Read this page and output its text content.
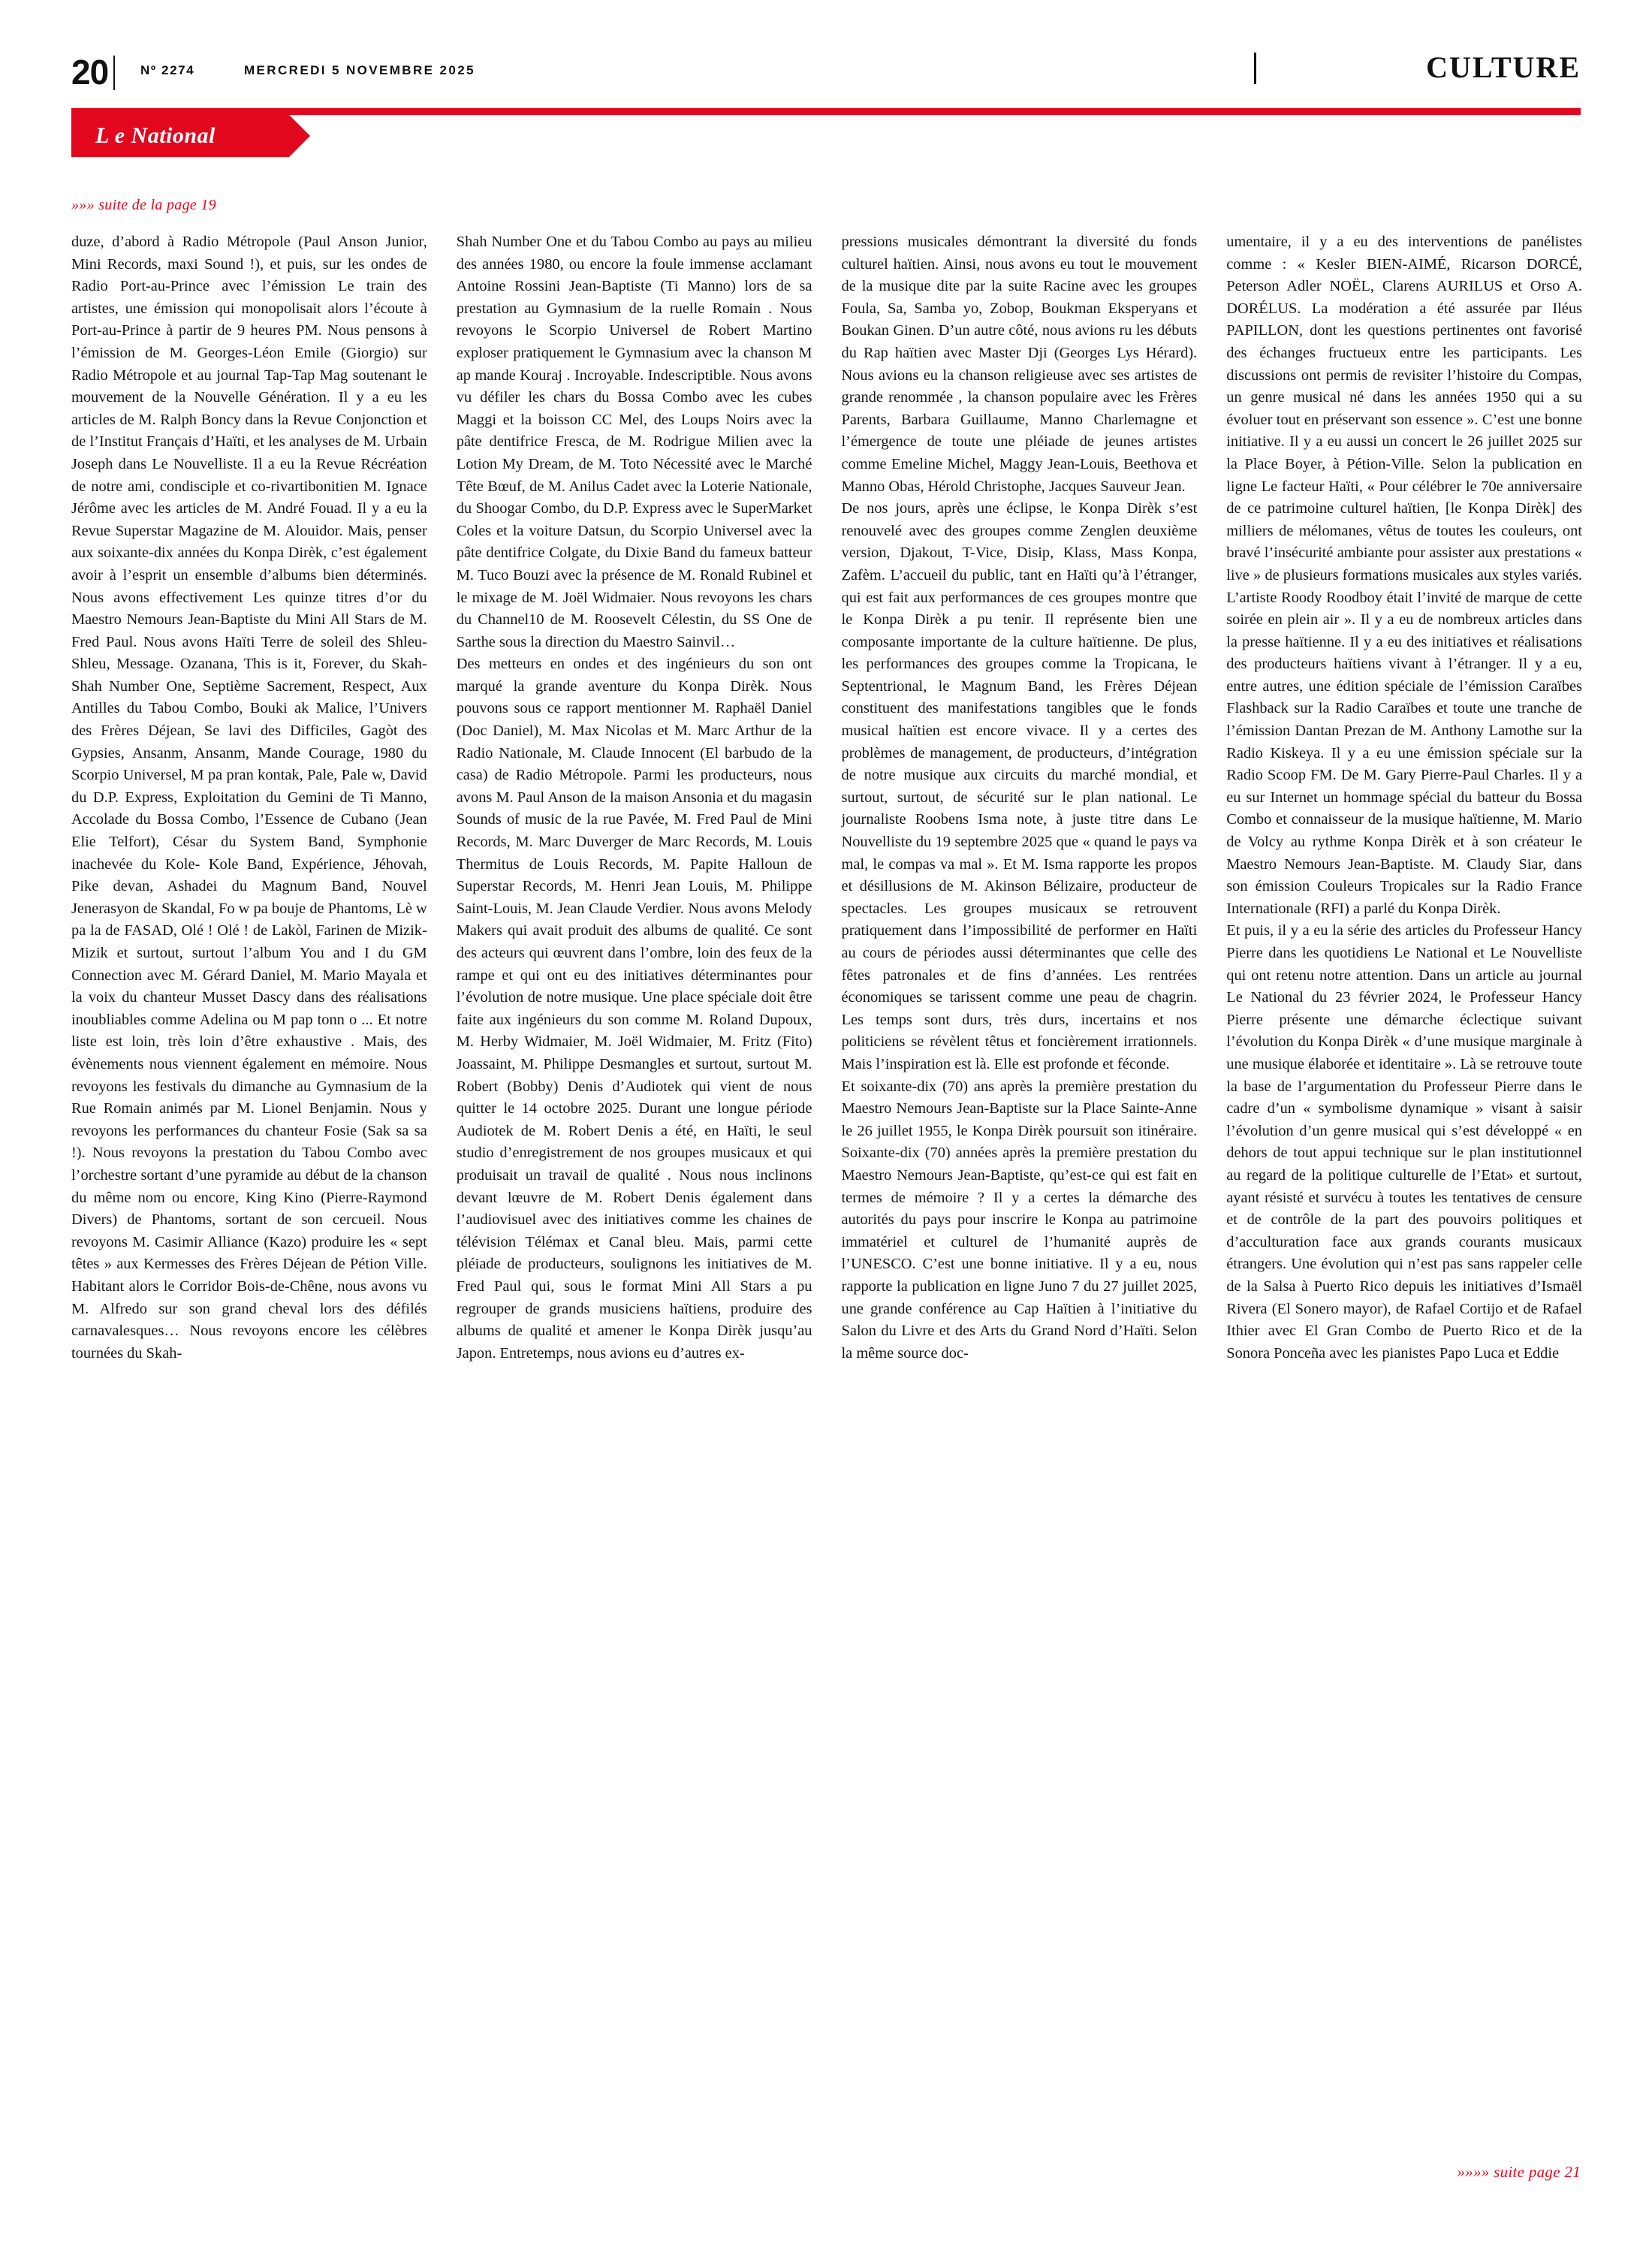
20	Nº 2274	MERCREDI 5 NOVEMBRE 2025	CULTURE
L e National
»»» suite de la page 19

duze, d’abord à Radio Métropole (Paul Anson Junior, Mini Records, maxi Sound !), et puis, sur les ondes de Radio Port-au-Prince avec l’émission Le train des artistes, une émission qui monopolisait alors l’écoute à Port-au-Prince à partir de 9 heures PM. Nous pensons à l’émission de M. Georges-Léon Emile (Giorgio) sur Radio Métropole et au journal Tap-Tap Mag soutenant le mouvement de la Nouvelle Génération. Il y a eu les articles de M. Ralph Boncy dans la Revue Conjonction et de l’Institut Français d’Haïti, et les analyses de M. Urbain Joseph dans Le Nouvelliste. Il a eu la Revue Récréation de notre ami, condisciple et co-rivartibonitien M. Ignace Jérôme avec les articles de M. André Fouad. Il y a eu la Revue Superstar Magazine de M. Alouidor. Mais, penser aux soixante-dix années du Konpa Dirèk, c’est également avoir à l’esprit un ensemble d’albums bien déterminés. Nous avons effectivement Les quinze titres d’or du Maestro Nemours Jean-Baptiste du Mini All Stars de M. Fred Paul. Nous avons Haïti Terre de soleil des Shleu-Shleu, Message. Ozanana, This is it, Forever, du Skah-Shah Number One, Septième Sacrement, Respect, Aux Antilles du Tabou Combo, Bouki ak Malice, l’Univers des Frères Déjean, Se lavi des Difficiles, Gagòt des Gypsies, Ansanm, Ansanm, Mande Courage, 1980 du Scorpio Universel, M pa pran kontak, Pale, Pale w, David du D.P. Express, Exploitation du Gemini de Ti Manno, Accolade du Bossa Combo, l’Essence de Cubano (Jean Elie Telfort), César du System Band, Symphonie inachevée du Kole- Kole Band, Expérience, Jéhovah, Pike devan, Ashadei du Magnum Band, Nouvel Jenerasyon de Skandal, Fo w pa bouje de Phantoms, Lè w pa la de FASAD, Olé ! Olé ! de Lakòl, Farinen de Mizik-Mizik et surtout, surtout l’album You and I du GM Connection avec M. Gérard Daniel, M. Mario Mayala et la voix du chanteur Musset Dascy dans des réalisations inoubliables comme Adelina ou M pap tonn o ... Et notre liste est loin, très loin d’être exhaustive . Mais, des évènements nous viennent également en mémoire. Nous revoyons les festivals du dimanche au Gymnasium de la Rue Romain animés par M. Lionel Benjamin. Nous y revoyons les performances du chanteur Fosie (Sak sa sa !). Nous revoyons la prestation du Tabou Combo avec l’orchestre sortant d’une pyramide au début de la chanson du même nom ou encore, King Kino (Pierre-Raymond Divers) de Phantoms, sortant de son cercueil. Nous revoyons M. Casimir Alliance (Kazo) produire les « sept têtes » aux Kermesses des Frères Déjean de Pétion Ville. Habitant alors le Corridor Bois-de-Chêne, nous avons vu M. Alfredo sur son grand cheval lors des défilés carnavalesques… Nous revoyons encore les célèbres tournées du Skah-

Shah Number One et du Tabou Combo au pays au milieu des années 1980, ou encore la foule immense acclamant Antoine Rossini Jean-Baptiste (Ti Manno) lors de sa prestation au Gymnasium de la ruelle Romain . Nous revoyons le Scorpio Universel de Robert Martino exploser pratiquement le Gymnasium avec la chanson M ap mande Kouraj . Incroyable. Indescriptible. Nous avons vu défiler les chars du Bossa Combo avec les cubes Maggi et la boisson CC Mel, des Loups Noirs avec la pâte dentifrice Fresca, de M. Rodrigue Milien avec la Lotion My Dream, de M. Toto Nécessité avec le Marché Tête Bœuf, de M. Anilus Cadet avec la Loterie Nationale, du Shoogar Combo, du D.P. Express avec le SuperMarket Coles et la voiture Datsun, du Scorpio Universel avec la pâte dentifrice Colgate, du Dixie Band du fameux batteur M. Tuco Bouzi avec la présence de M. Ronald Rubinel et le mixage de M. Joël Widmaier. Nous revoyons les chars du Channel10 de M. Roosevelt Célestin, du SS One de Sarthe sous la direction du Maestro Sainvil…

Des metteurs en ondes et des ingénieurs du son ont marqué la grande aventure du Konpa Dirèk. Nous pouvons sous ce rapport mentionner M. Raphaël Daniel (Doc Daniel), M. Max Nicolas et M. Marc Arthur de la Radio Nationale, M. Claude Innocent (El barbudo de la casa) de Radio Métropole. Parmi les producteurs, nous avons M. Paul Anson de la maison Ansonia et du magasin Sounds of music de la rue Pavée, M. Fred Paul de Mini Records, M. Marc Duverger de Marc Records, M. Louis Thermitus de Louis Records, M. Papite Halloun de Superstar Records, M. Henri Jean Louis, M. Philippe Saint-Louis, M. Jean Claude Verdier. Nous avons Melody Makers qui avait produit des albums de qualité. Ce sont des acteurs qui œuvrent dans l’ombre, loin des feux de la rampe et qui ont eu des initiatives déterminantes pour l’évolution de notre musique. Une place spéciale doit être faite aux ingénieurs du son comme M. Roland Dupoux, M. Herby Widmaier, M. Joël Widmaier, M. Fritz (Fito) Joassaint, M. Philippe Desmangles et surtout, surtout M. Robert (Bobby) Denis d’Audiotek qui vient de nous quitter le 14 octobre 2025. Durant une longue période Audiotek de M. Robert Denis a été, en Haïti, le seul studio d’enregistrement de nos groupes musicaux et qui produisait un travail de qualité . Nous nous inclinons devant lœuvre de M. Robert Denis également dans l’audiovisuel avec des initiatives comme les chaines de télévision Télémax et Canal bleu. Mais, parmi cette pléiade de producteurs, soulignons les initiatives de M. Fred Paul qui, sous le format Mini All Stars a pu regrouper de grands musiciens haïtiens, produire des albums de qualité et amener le Konpa Dirèk jusqu’au Japon. Entretemps, nous avions eu d’autres ex-

pressions musicales démontrant la diversité du fonds culturel haïtien. Ainsi, nous avons eu tout le mouvement de la musique dite par la suite Racine avec les groupes Foula, Sa, Samba yo, Zobop, Boukman Eksperyans et Boukan Ginen. D’un autre côté, nous avions ru les débuts du Rap haïtien avec Master Dji (Georges Lys Hérard). Nous avions eu la chanson religieuse avec ses artistes de grande renommée , la chanson populaire avec les Frères Parents, Barbara Guillaume, Manno Charlemagne et l’émergence de toute une pléiade de jeunes artistes comme Emeline Michel, Maggy Jean-Louis, Beethova et Manno Obas, Hérold Christophe, Jacques Sauveur Jean.

De nos jours, après une éclipse, le Konpa Dirèk s’est renouvelé avec des groupes comme Zenglen deuxième version, Djakout, T-Vice, Disip, Klass, Mass Konpa, Zafèm. L’accueil du public, tant en Haïti qu’à l’étranger, qui est fait aux performances de ces groupes montre que le Konpa Dirèk a pu tenir. Il représente bien une composante importante de la culture haïtienne. De plus, les performances des groupes comme la Tropicana, le Septentrional, le Magnum Band, les Frères Déjean constituent des manifestations tangibles que le fonds musical haïtien est encore vivace. Il y a certes des problèmes de management, de producteurs, d’intégration de notre musique aux circuits du marché mondial, et surtout, surtout, de sécurité sur le plan national. Le journaliste Roobens Isma note, à juste titre dans Le Nouvelliste du 19 septembre 2025 que « quand le pays va mal, le compas va mal ». Et M. Isma rapporte les propos et désillusions de M. Akinson Bélizaire, producteur de spectacles. Les groupes musicaux se retrouvent pratiquement dans l’impossibilité de performer en Haïti au cours de périodes aussi déterminantes que celle des fêtes patronales et de fins d’années. Les rentrées économiques se tarissent comme une peau de chagrin. Les temps sont durs, très durs, incertains et nos politiciens se révèlent têtus et foncièrement irrationnels. Mais l’inspiration est là. Elle est profonde et féconde.

Et soixante-dix (70) ans après la première prestation du Maestro Nemours Jean-Baptiste sur la Place Sainte-Anne le 26 juillet 1955, le Konpa Dirèk poursuit son itinéraire. Soixante-dix (70) années après la première prestation du Maestro Nemours Jean-Baptiste, qu’est-ce qui est fait en termes de mémoire ? Il y a certes la démarche des autorités du pays pour inscrire le Konpa au patrimoine immatériel et culturel de l’humanité auprès de l’UNESCO. C’est une bonne initiative. Il y a eu, nous rapporte la publication en ligne Juno 7 du 27 juillet 2025, une grande conférence au Cap Haïtien à l’initiative du Salon du Livre et des Arts du Grand Nord d’Haïti. Selon la même source doc-

umentaire, il y a eu des interventions de panélistes comme : « Kesler BIEN-AIMÉ, Ricarson DORCÉ, Peterson Adler NOËL, Clarens AURILUS et Orso A. DORÉLUS. La modération a été assurée par Iléus PAPILLON, dont les questions pertinentes ont favorisé des échanges fructueux entre les participants. Les discussions ont permis de revisiter l’histoire du Compas, un genre musical né dans les années 1950 qui a su évoluer tout en préservant son essence ». C’est une bonne initiative. Il y a eu aussi un concert le 26 juillet 2025 sur la Place Boyer, à Pétion-Ville. Selon la publication en ligne Le facteur Haïti, « Pour célébrer le 70e anniversaire de ce patrimoine culturel haïtien, [le Konpa Dirèk] des milliers de mélomanes, vêtus de toutes les couleurs, ont bravé l’insécurité ambiante pour assister aux prestations « live » de plusieurs formations musicales aux styles variés. L’artiste Roody Roodboy était l’invité de marque de cette soirée en plein air ». Il y a eu de nombreux articles dans la presse haïtienne. Il y a eu des initiatives et réalisations des producteurs haïtiens vivant à l’étranger. Il y a eu, entre autres, une édition spéciale de l’émission Caraïbes Flashback sur la Radio Caraïbes et toute une tranche de l’émission Dantan Prezan de M. Anthony Lamothe sur la Radio Kiskeya. Il y a eu une émission spéciale sur la Radio Scoop FM. De M. Gary Pierre-Paul Charles. Il y a eu sur Internet un hommage spécial du batteur du Bossa Combo et connaisseur de la musique haïtienne, M. Mario de Volcy au rythme Konpa Dirèk et à son créateur le Maestro Nemours Jean-Baptiste. M. Claudy Siar, dans son émission Couleurs Tropicales sur la Radio France Internationale (RFI) a parlé du Konpa Dirèk.

Et puis, il y a eu la série des articles du Professeur Hancy Pierre dans les quotidiens Le National et Le Nouvelliste qui ont retenu notre attention. Dans un article au journal Le National du 23 février 2024, le Professeur Hancy Pierre présente une démarche éclectique suivant l’évolution du Konpa Dirèk « d’une musique marginale à une musique élaborée et identitaire ». Là se retrouve toute la base de l’argumentation du Professeur Pierre dans le cadre d’un « symbolisme dynamique » visant à saisir l’évolution d’un genre musical qui s’est développé « en dehors de tout appui technique sur le plan institutionnel au regard de la politique culturelle de l’Etat» et surtout, ayant résisté et survécu à toutes les tentatives de censure et de contrôle de la part des pouvoirs politiques et d’acculturation face aux grands courants musicaux étrangers. Une évolution qui n’est pas sans rappeler celle de la Salsa à Puerto Rico depuis les initiatives d’Ismaël Rivera (El Sonero mayor), de Rafael Cortijo et de Rafael Ithier avec El Gran Combo de Puerto Rico et de la Sonora Ponceña avec les pianistes Papo Luca et Eddie

»»»» suite page 21
